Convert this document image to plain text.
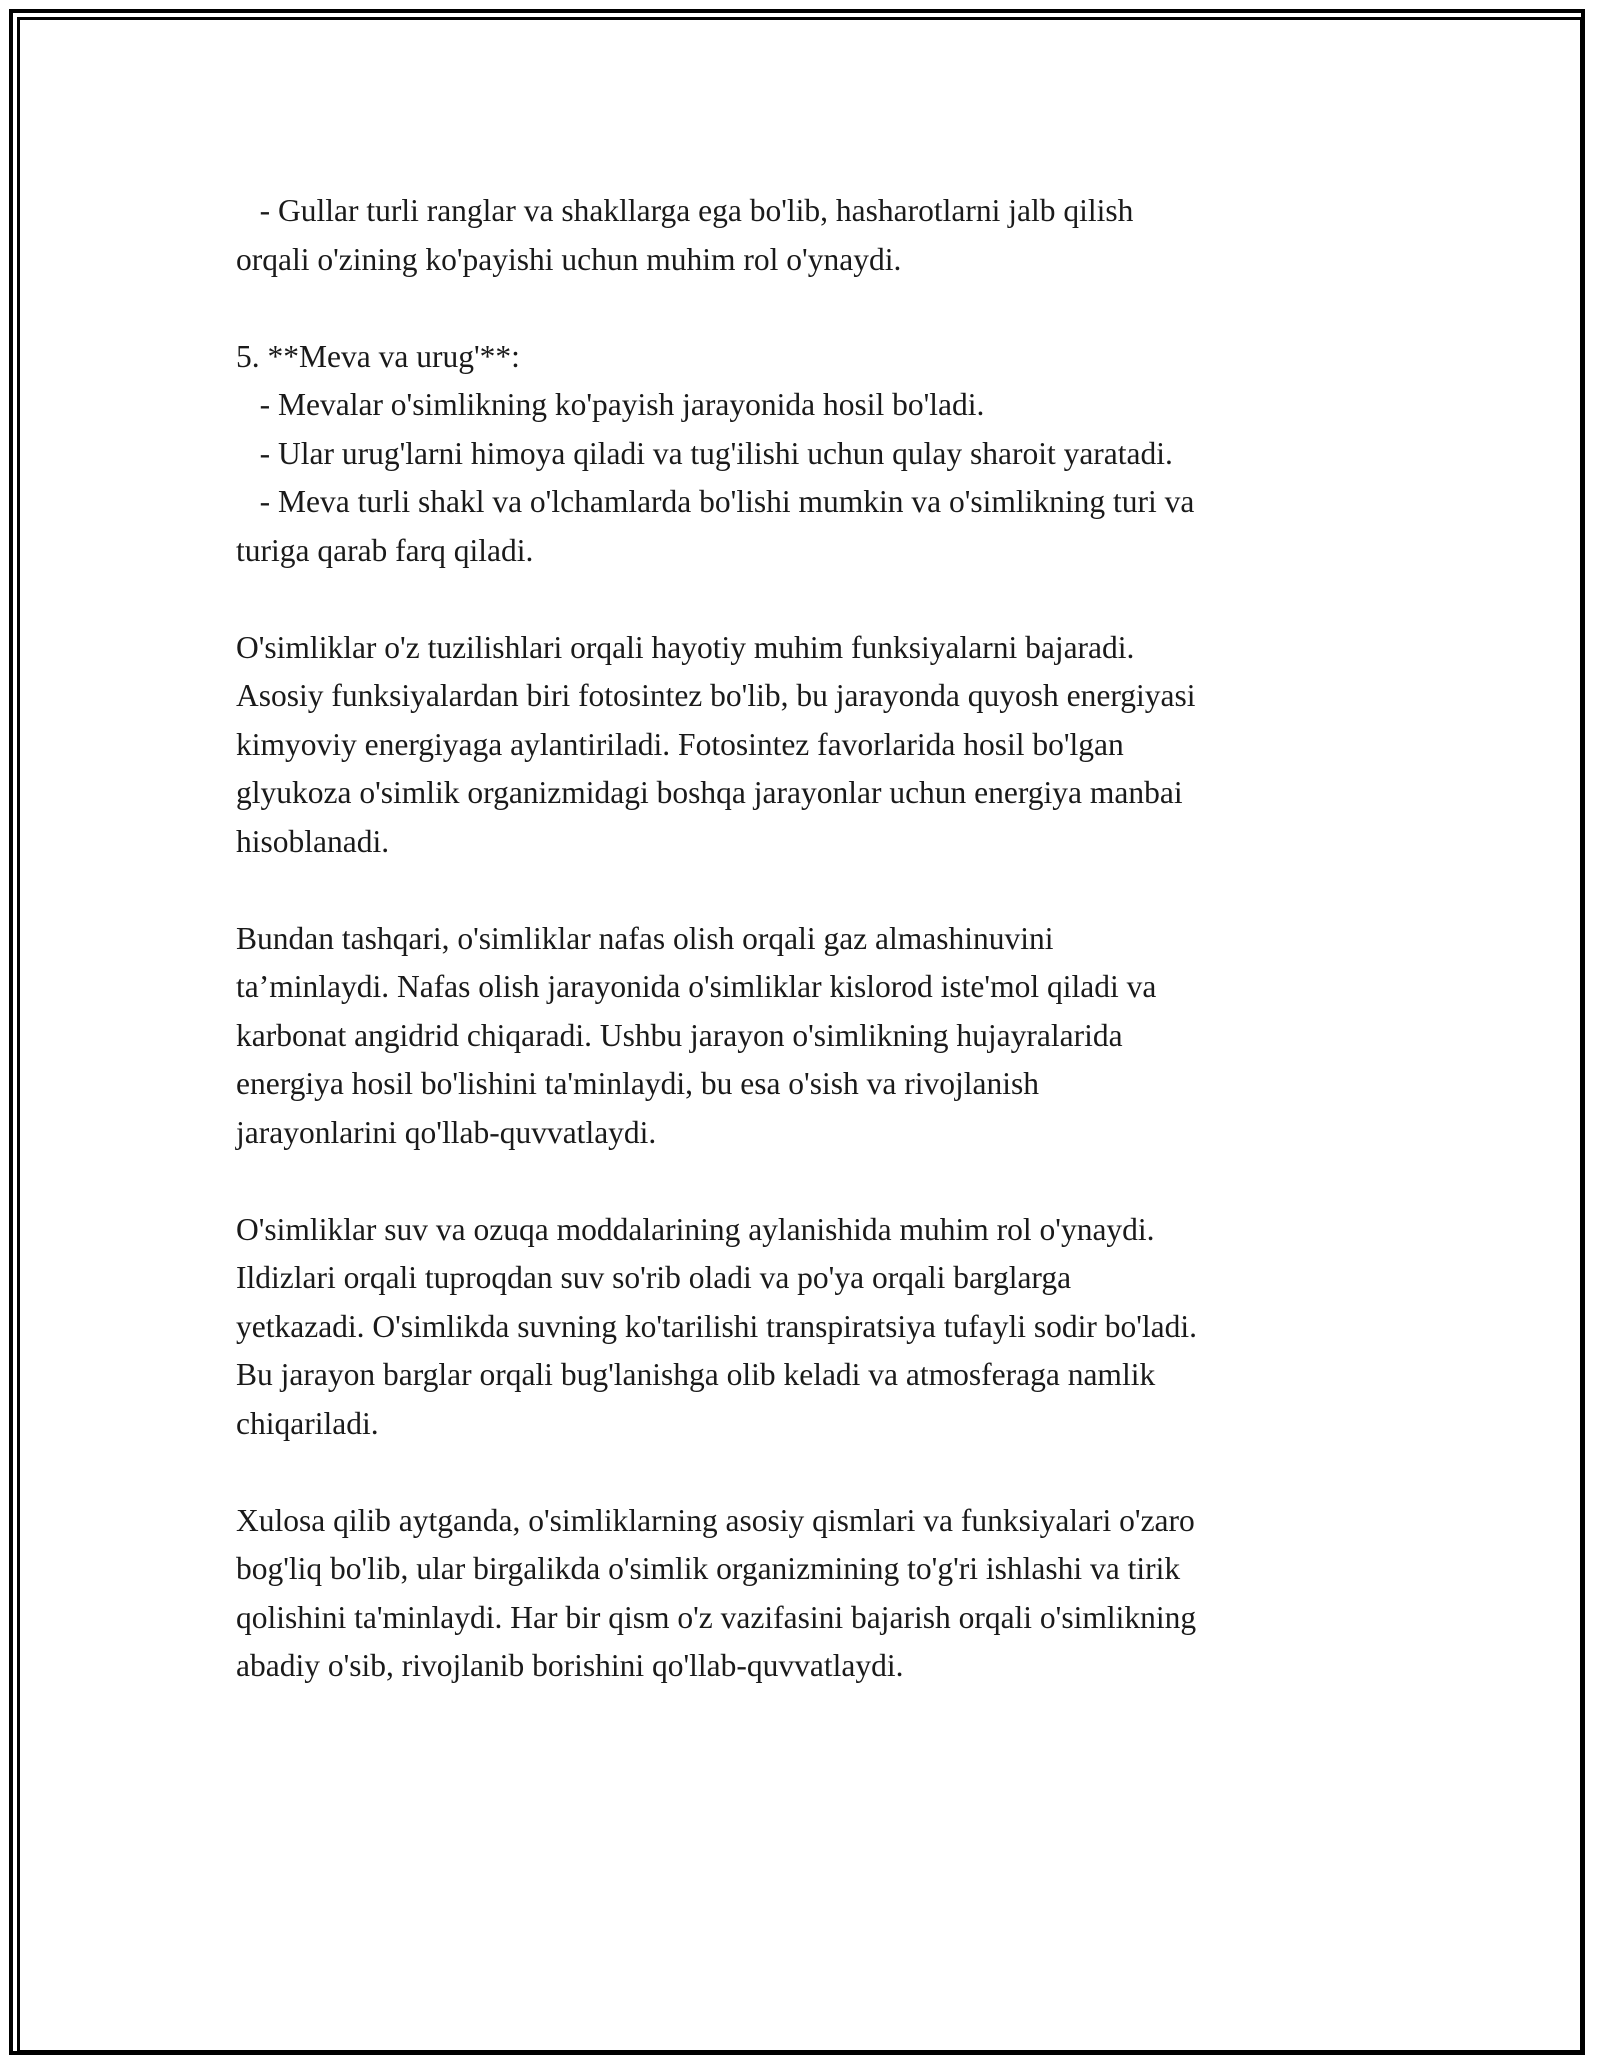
- Gullar turli ranglar va shakllarga ega bo'lib, hasharotlarni jalb qilish
orqali o'zining ko'payishi uchun muhim rol o'ynaydi.
5. **Meva va urug'**:
- Mevalar o'simlikning ko'payish jarayonida hosil bo'ladi.
- Ular urug'larni himoya qiladi va tug'ilishi uchun qulay sharoit yaratadi.
- Meva turli shakl va o'lchamlarda bo'lishi mumkin va o'simlikning turi va
turiga qarab farq qiladi.
O'simliklar o'z tuzilishlari orqali hayotiy muhim funksiyalarni bajaradi.
Asosiy funksiyalardan biri fotosintez bo'lib, bu jarayonda quyosh energiyasi
kimyoviy energiyaga aylantiriladi. Fotosintez favorlarida hosil bo'lgan
glyukoza o'simlik organizmidagi boshqa jarayonlar uchun energiya manbai
hisoblanadi.
Bundan tashqari, o'simliklar nafas olish orqali gaz almashinuvini
ta’minlaydi. Nafas olish jarayonida o'simliklar kislorod iste'mol qiladi va
karbonat angidrid chiqaradi. Ushbu jarayon o'simlikning hujayralarida
energiya hosil bo'lishini ta'minlaydi, bu esa o'sish va rivojlanish
jarayonlarini qo'llab-quvvatlaydi.
O'simliklar suv va ozuqa moddalarining aylanishida muhim rol o'ynaydi.
Ildizlari orqali tuproqdan suv so'rib oladi va po'ya orqali barglarga
yetkazadi. O'simlikda suvning ko'tarilishi transpiratsiya tufayli sodir bo'ladi.
Bu jarayon barglar orqali bug'lanishga olib keladi va atmosferaga namlik
chiqariladi.
Xulosa qilib aytganda, o'simliklarning asosiy qismlari va funksiyalari o'zaro
bog'liq bo'lib, ular birgalikda o'simlik organizmining to'g'ri ishlashi va tirik
qolishini ta'minlaydi. Har bir qism o'z vazifasini bajarish orqali o'simlikning
abadiy o'sib, rivojlanib borishini qo'llab-quvvatlaydi.
